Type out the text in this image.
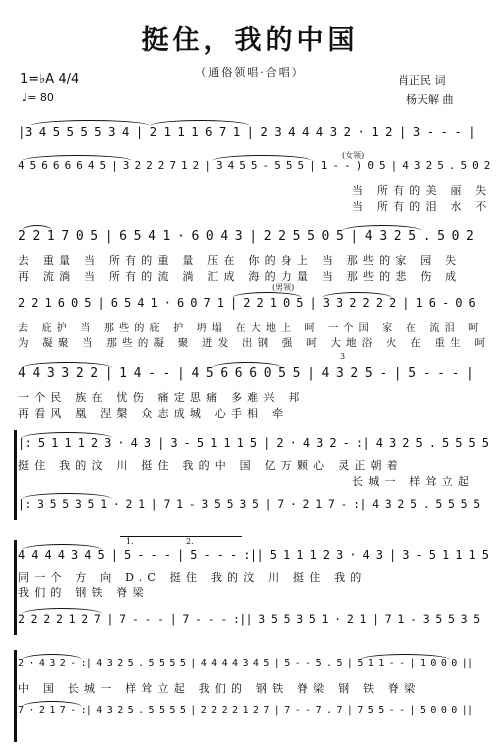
挺住，我的中国
（通俗领唱·合唱）
1=♭A 4/4
♩= 80
肖正民 词
杨天解 曲
|3 4 5 5 5 5 3 4 | 2 1 1 1 6 7 1 | 2 3 4 4 4 3 2 · 1 2 | 3 - - - |
(女领)
4 5 6 6 6 6 4 5 | 3 2 2 2 7 1 2 | 3 4 5 5 - 5 5 5 | 1 - - ) 0 5 | 4 3 2 5 . 5 0 2
当 所有的美 丽 失
当 所有的泪 水 不
2 2 1 7 0 5 | 6 5 4 1 · 6 0 4 3 | 2 2 5 5 0 5 | 4 3 2 5 . 5 0 2
去 重量 当 所有的重 量 压在 你的身上 当 那些的家 园 失
再 流淌 当 所有的流 淌 汇成 海的力量 当 那些的悲 伤 成
(男领)
2 2 1 6 0 5 | 6 5 4 1 · 6 0 7 1 | 2 2 1 0 5 | 3 3 2 2 2 2 | 1 6 - 0 6
去 庇护 当 那些的庇 护 坍塌 在大地上 呵 一个国 家 在 流泪 呵
为 凝聚 当 那些的凝 聚 迸发 出钢 强 呵 大地浴 火 在 重生 呵
3
4 4 3 3 2 2 | 1 4 - - | 4 5 6 6 6 0 5 5 | 4 3 2 5 - | 5 - - - |
一个民 族在 忧伤 痛定思痛 多难兴 邦
再看风 凰 涅槃 众志成城 心手相 牵
|: 5 1 1 1 2 3 · 4 3 | 3 - 5 1 1 1 5 | 2 · 4 3 2 - :| 4 3 2 5 . 5 5 5 5
挺住 我的汶 川 挺住 我的中 国 亿万颗心 灵正朝着
长城一 样耸立起
|: 3 5 5 3 5 1 · 2 1 | 7 1 - 3 5 5 3 5 | 7 · 2 1 7 - :| 4 3 2 5 . 5 5 5 5
1.	2.
4 4 4 4 3 4 5 | 5 - - - | 5 - - - :|| 5 1 1 1 2 3 · 4 3 | 3 - 5 1 1 1 5
同一个 方 向 D.C 挺住 我的汶 川 挺住 我的
我们的 钢铁 脊梁
2 2 2 2 1 2 7 | 7 - - - | 7 - - - :|| 3 5 5 3 5 1 · 2 1 | 7 1 - 3 5 5 3 5
2 · 4 3 2 - :| 4 3 2 5 . 5 5 5 5 | 4 4 4 4 3 4 5 | 5 - - 5 . 5 | 5 1 1 - - | 1 0 0 0 ||
中 国 长城一 样耸立起 我们的 钢铁 脊梁 钢 铁 脊梁
7 · 2 1 7 - :| 4 3 2 5 . 5 5 5 5 | 2 2 2 2 1 2 7 | 7 - - 7 . 7 | 7 5 5 - - | 5 0 0 0 ||
